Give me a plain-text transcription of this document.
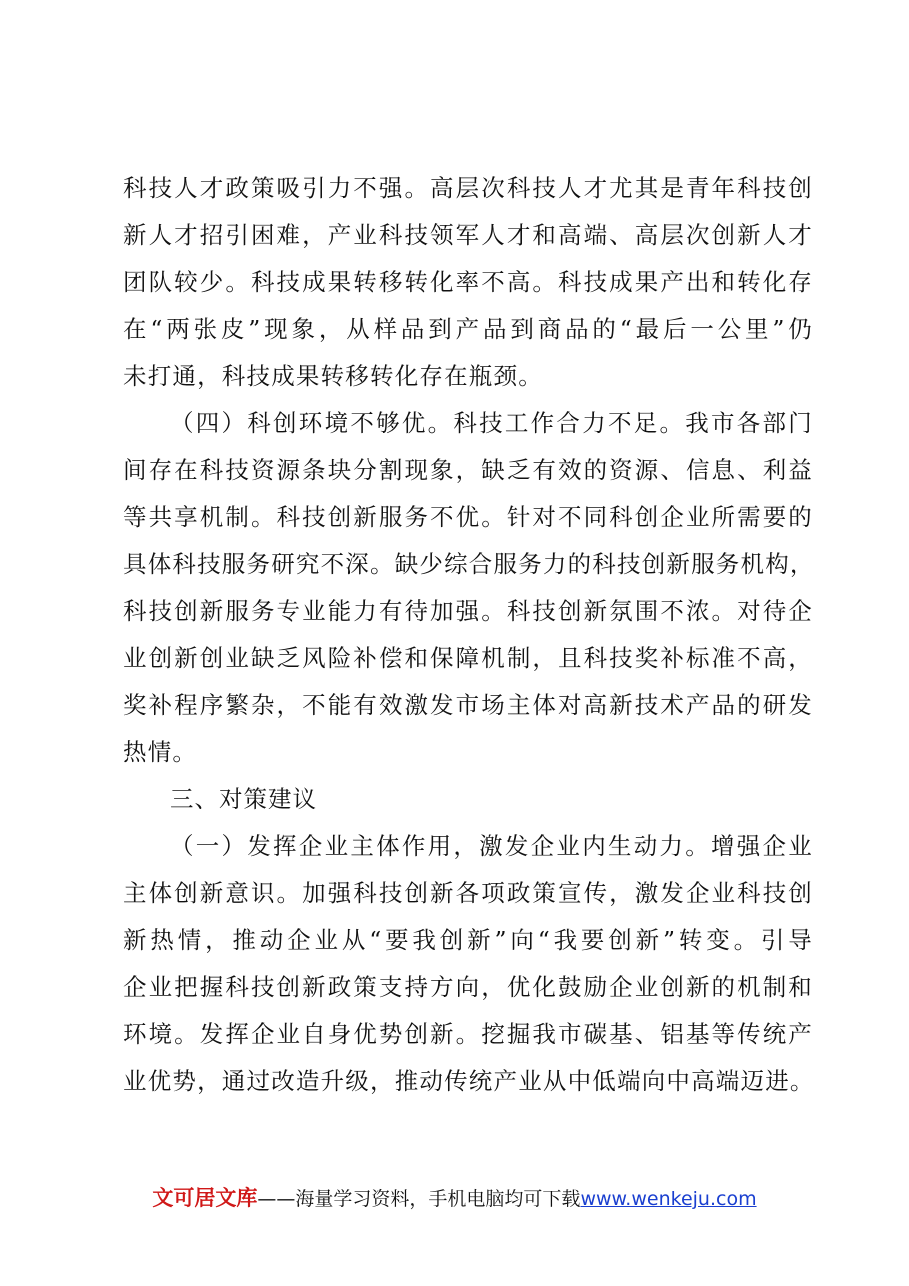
科技人才政策吸引力不强。高层次科技人才尤其是青年科技创
新人才招引困难，产业科技领军人才和高端、高层次创新人才
团队较少。科技成果转移转化率不高。科技成果产出和转化存
在“两张皮”现象，从样品到产品到商品的“最后一公里”仍
未打通，科技成果转移转化存在瓶颈。
（四）科创环境不够优。科技工作合力不足。我市各部门
间存在科技资源条块分割现象，缺乏有效的资源、信息、利益
等共享机制。科技创新服务不优。针对不同科创企业所需要的
具体科技服务研究不深。缺少综合服务力的科技创新服务机构，
科技创新服务专业能力有待加强。科技创新氛围不浓。对待企
业创新创业缺乏风险补偿和保障机制，且科技奖补标准不高，
奖补程序繁杂，不能有效激发市场主体对高新技术产品的研发
热情。
三、对策建议
（一）发挥企业主体作用，激发企业内生动力。增强企业
主体创新意识。加强科技创新各项政策宣传，激发企业科技创
新热情，推动企业从“要我创新”向“我要创新”转变。引导
企业把握科技创新政策支持方向，优化鼓励企业创新的机制和
环境。发挥企业自身优势创新。挖掘我市碳基、铝基等传统产
业优势，通过改造升级，推动传统产业从中低端向中高端迈进。
文可居文库——海量学习资料，手机电脑均可下载www.wenkeju.com
